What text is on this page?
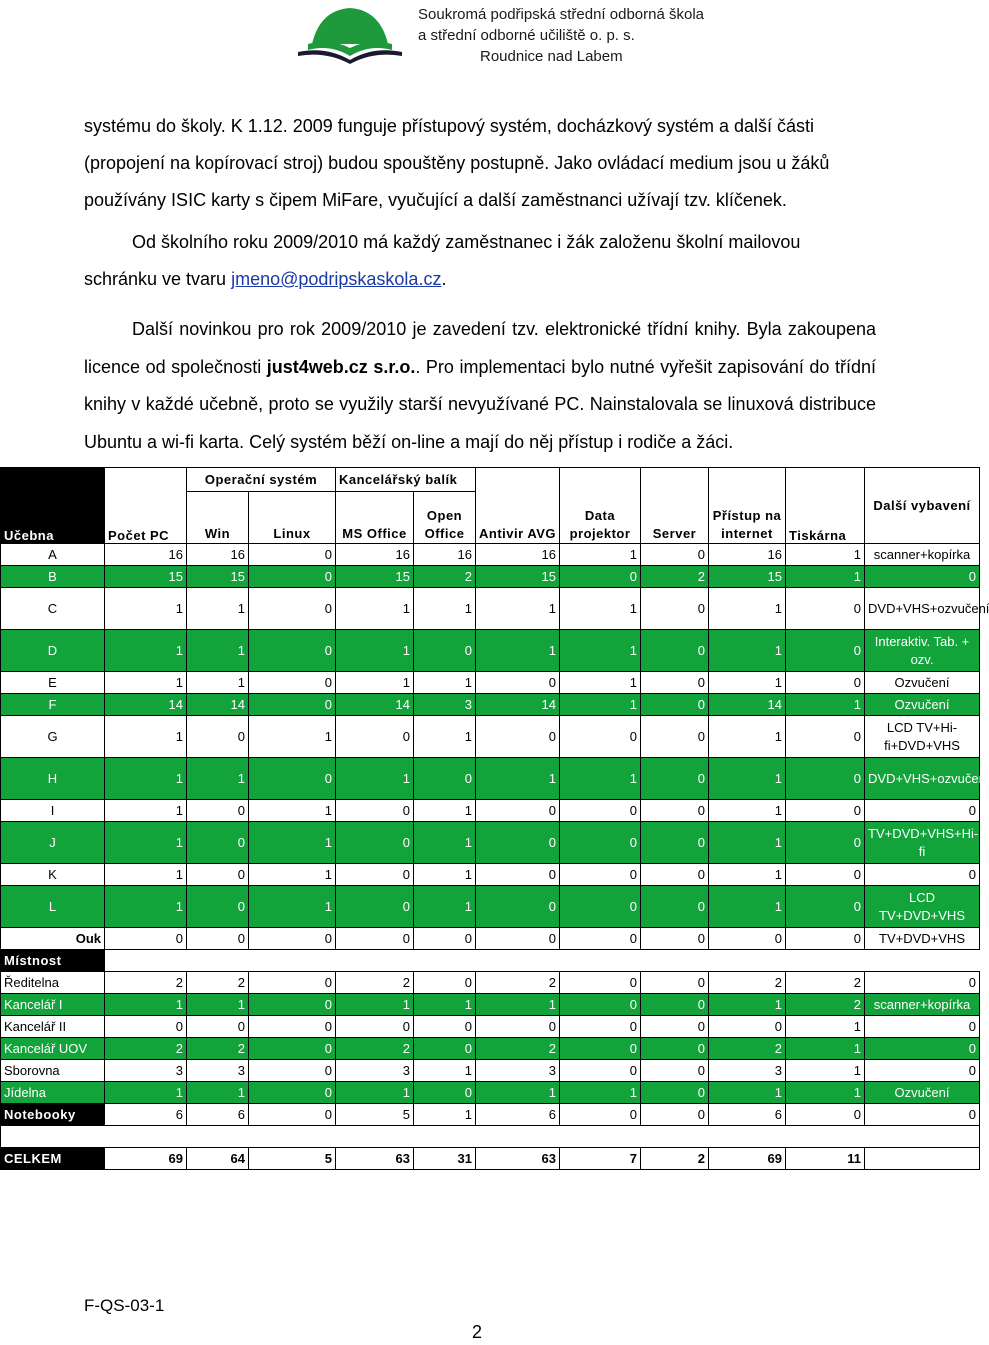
Soukromá podřipská střední odborná škola
a střední odborné učiliště o. p. s.
Roudnice nad Labem
systému do školy. K 1.12. 2009 funguje přístupový systém, docházkový systém a další části (propojení na kopírovací stroj) budou spouštěny postupně. Jako ovládací medium jsou u žáků používány ISIC karty s čipem MiFare, vyučující a další zaměstnanci užívají tzv. klíčenek.
Od školního roku 2009/2010 má každý zaměstnanec i žák založenu školní mailovou schránku ve tvaru jmeno@podripskaskola.cz.
Další novinkou pro rok 2009/2010 je zavedení tzv. elektronické třídní knihy. Byla zakoupena licence od společnosti just4web.cz s.r.o.. Pro implementaci bylo nutné vyřešit zapisování do třídní knihy v každé učebně, proto se využily starší nevyužívané PC. Nainstalovala se linuxová distribuce Ubuntu a wi-fi karta. Celý systém běží on-line a mají do něj přístup i rodiče a žáci.
Učebna	Počet PC	Operační systém		Kancelářský balík		Antivir AVG	Data projektor	Server	Přístup na internet	Tiskárna	Další vybavení
		Win	Linux	MS Office	Open Office						
A	16	16	0	16	16	16	1	0	16	1	scanner+kopírka
B	15	15	0	15	2	15	0	2	15	1	0
C	1	1	0	1	1	1	1	0	1	0	DVD+VHS+ozvučení
D	1	1	0	1	0	1	1	0	1	0	Interaktiv. Tab. + ozv.
E	1	1	0	1	1	0	1	0	1	0	Ozvučení
F	14	14	0	14	3	14	1	0	14	1	Ozvučení
G	1	0	1	0	1	0	0	0	1	0	LCD TV+Hi-fi+DVD+VHS
H	1	1	0	1	0	1	1	0	1	0	DVD+VHS+ozvučení
I	1	0	1	0	1	0	0	0	1	0	0
J	1	0	1	0	1	0	0	0	1	0	TV+DVD+VHS+Hi-fi
K	1	0	1	0	1	0	0	0	1	0	0
L	1	0	1	0	1	0	0	0	1	0	LCD TV+DVD+VHS
Ouk	0	0	0	0	0	0	0	0	0	0	TV+DVD+VHS
Místnost											
Ředitelna	2	2	0	2	0	2	0	0	2	2	0
Kancelář I	1	1	0	1	1	1	0	0	1	2	scanner+kopírka
Kancelář II	0	0	0	0	0	0	0	0	0	1	0
Kancelář UOV	2	2	0	2	0	2	0	0	2	1	0
Sborovna	3	3	0	3	1	3	0	0	3	1	0
Jídelna	1	1	0	1	0	1	1	0	1	1	Ozvučení
Notebooky	6	6	0	5	1	6	0	0	6	0	0

CELKEM	69	64	5	63	31	63	7	2	69	11	
F-QS-03-1
2
